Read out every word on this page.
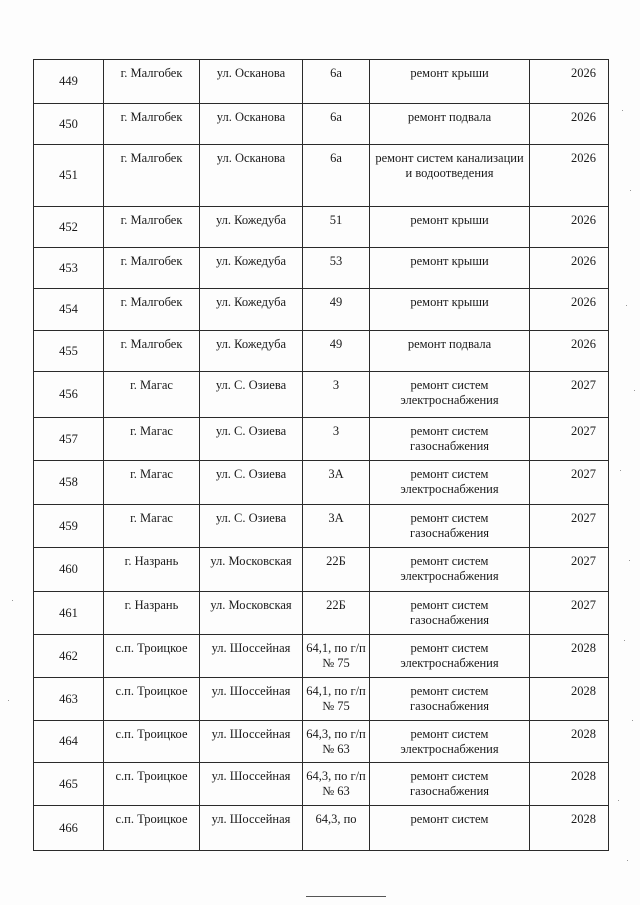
449	г. Малгобек	ул. Осканова	6а	ремонт крыши	2026
450	г. Малгобек	ул. Осканова	6а	ремонт подвала	2026
451	г. Малгобек	ул. Осканова	6а	ремонт систем канализации и водоотведения	2026
452	г. Малгобек	ул. Кожедуба	51	ремонт крыши	2026
453	г. Малгобек	ул. Кожедуба	53	ремонт крыши	2026
454	г. Малгобек	ул. Кожедуба	49	ремонт крыши	2026
455	г. Малгобек	ул. Кожедуба	49	ремонт подвала	2026
456	г. Магас	ул. С. Озиева	3	ремонт систем электроснабжения	2027
457	г. Магас	ул. С. Озиева	3	ремонт систем газоснабжения	2027
458	г. Магас	ул. С. Озиева	3А	ремонт систем электроснабжения	2027
459	г. Магас	ул. С. Озиева	3А	ремонт систем газоснабжения	2027
460	г. Назрань	ул. Московская	22Б	ремонт систем электроснабжения	2027
461	г. Назрань	ул. Московская	22Б	ремонт систем газоснабжения	2027
462	с.п. Троицкое	ул. Шоссейная	64,1, по г/п № 75	ремонт систем электроснабжения	2028
463	с.п. Троицкое	ул. Шоссейная	64,1, по г/п № 75	ремонт систем газоснабжения	2028
464	с.п. Троицкое	ул. Шоссейная	64,3, по г/п № 63	ремонт систем электроснабжения	2028
465	с.п. Троицкое	ул. Шоссейная	64,3, по г/п № 63	ремонт систем газоснабжения	2028
466	с.п. Троицкое	ул. Шоссейная	64,3, по	ремонт систем	2028
